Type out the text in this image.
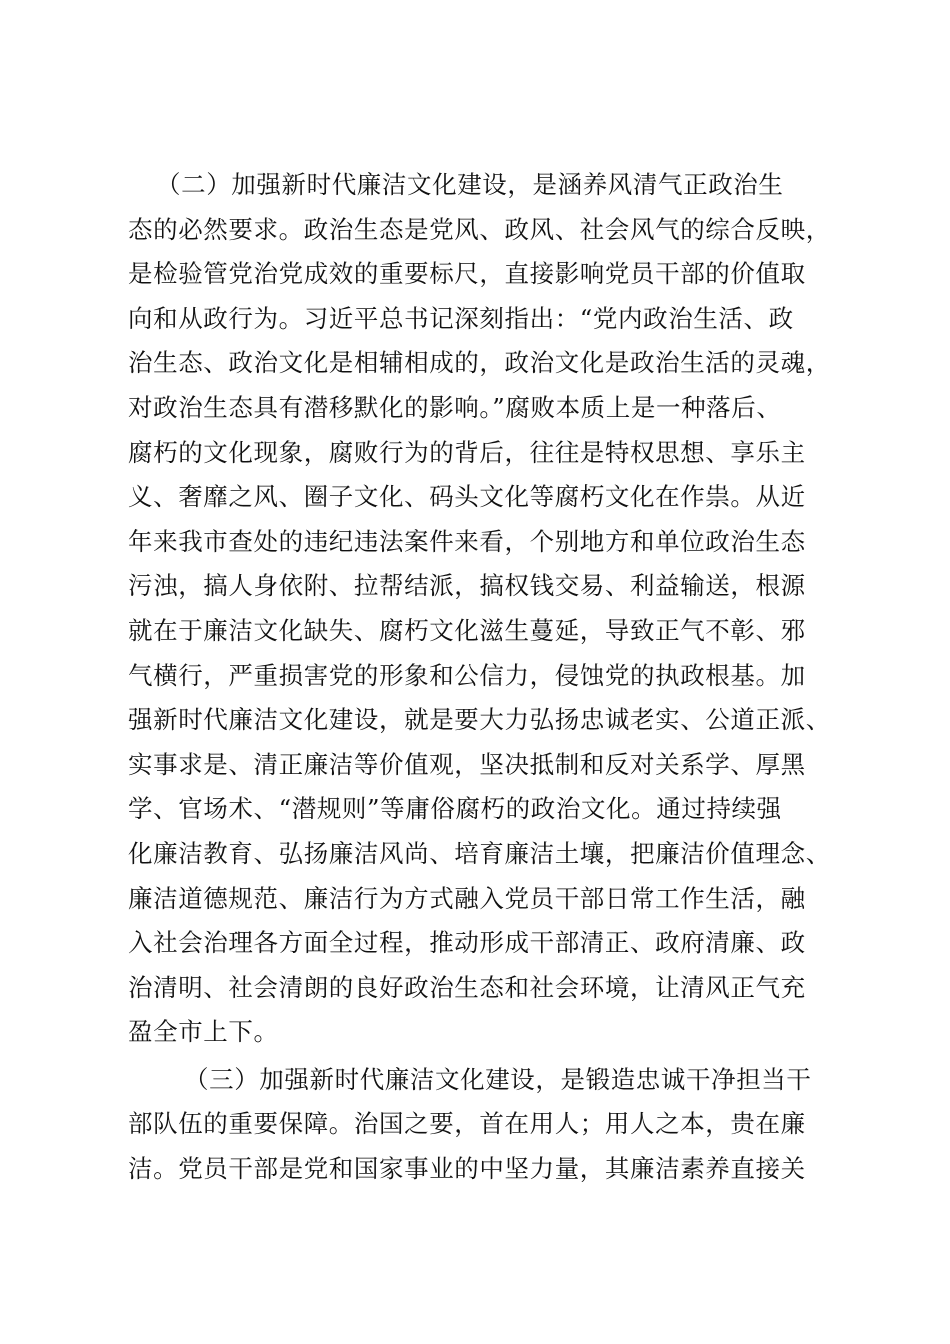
（二）加强新时代廉洁文化建设，是涵养风清气正政治生
态的必然要求。政治生态是党风、政风、社会风气的综合反映，
是检验管党治党成效的重要标尺，直接影响党员干部的价值取
向和从政行为。习近平总书记深刻指出：“党内政治生活、政
治生态、政治文化是相辅相成的，政治文化是政治生活的灵魂，
对政治生态具有潜移默化的影响。”腐败本质上是一种落后、
腐朽的文化现象，腐败行为的背后，往往是特权思想、享乐主
义、奢靡之风、圈子文化、码头文化等腐朽文化在作祟。从近
年来我市查处的违纪违法案件来看，个别地方和单位政治生态
污浊，搞人身依附、拉帮结派，搞权钱交易、利益输送，根源
就在于廉洁文化缺失、腐朽文化滋生蔓延，导致正气不彰、邪
气横行，严重损害党的形象和公信力，侵蚀党的执政根基。加
强新时代廉洁文化建设，就是要大力弘扬忠诚老实、公道正派、
实事求是、清正廉洁等价值观，坚决抵制和反对关系学、厚黑
学、官场术、“潜规则”等庸俗腐朽的政治文化。通过持续强
化廉洁教育、弘扬廉洁风尚、培育廉洁土壤，把廉洁价值理念、
廉洁道德规范、廉洁行为方式融入党员干部日常工作生活，融
入社会治理各方面全过程，推动形成干部清正、政府清廉、政
治清明、社会清朗的良好政治生态和社会环境，让清风正气充
盈全市上下。
（三）加强新时代廉洁文化建设，是锻造忠诚干净担当干
部队伍的重要保障。治国之要，首在用人；用人之本，贵在廉
洁。党员干部是党和国家事业的中坚力量，其廉洁素养直接关
